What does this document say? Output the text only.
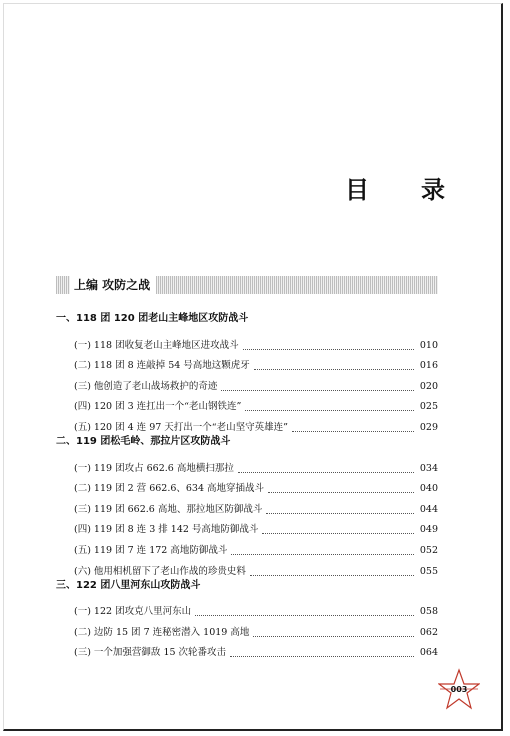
目 录
上编 攻防之战
一、118 团 120 团老山主峰地区攻防战斗
(一) 118 团收复老山主峰地区进攻战斗	010
(二) 118 团 8 连敲掉 54 号高地这颗虎牙	016
(三) 他创造了老山战场救护的奇迹	020
(四) 120 团 3 连扛出一个“老山钢铁连”	025
(五) 120 团 4 连 97 天打出一个“老山坚守英雄连”	029
二、119 团松毛岭、那拉片区攻防战斗
(一) 119 团攻占 662.6 高地横扫那拉	034
(二) 119 团 2 营 662.6、634 高地穿插战斗	040
(三) 119 团 662.6 高地、那拉地区防御战斗	044
(四) 119 团 8 连 3 排 142 号高地防御战斗	049
(五) 119 团 7 连 172 高地防御战斗	052
(六) 他用相机留下了老山作战的珍贵史料	055
三、122 团八里河东山攻防战斗
(一) 122 团攻克八里河东山	058
(二) 边防 15 团 7 连秘密潜入 1019 高地	062
(三) 一个加强营御敌 15 次轮番攻击	064
003
